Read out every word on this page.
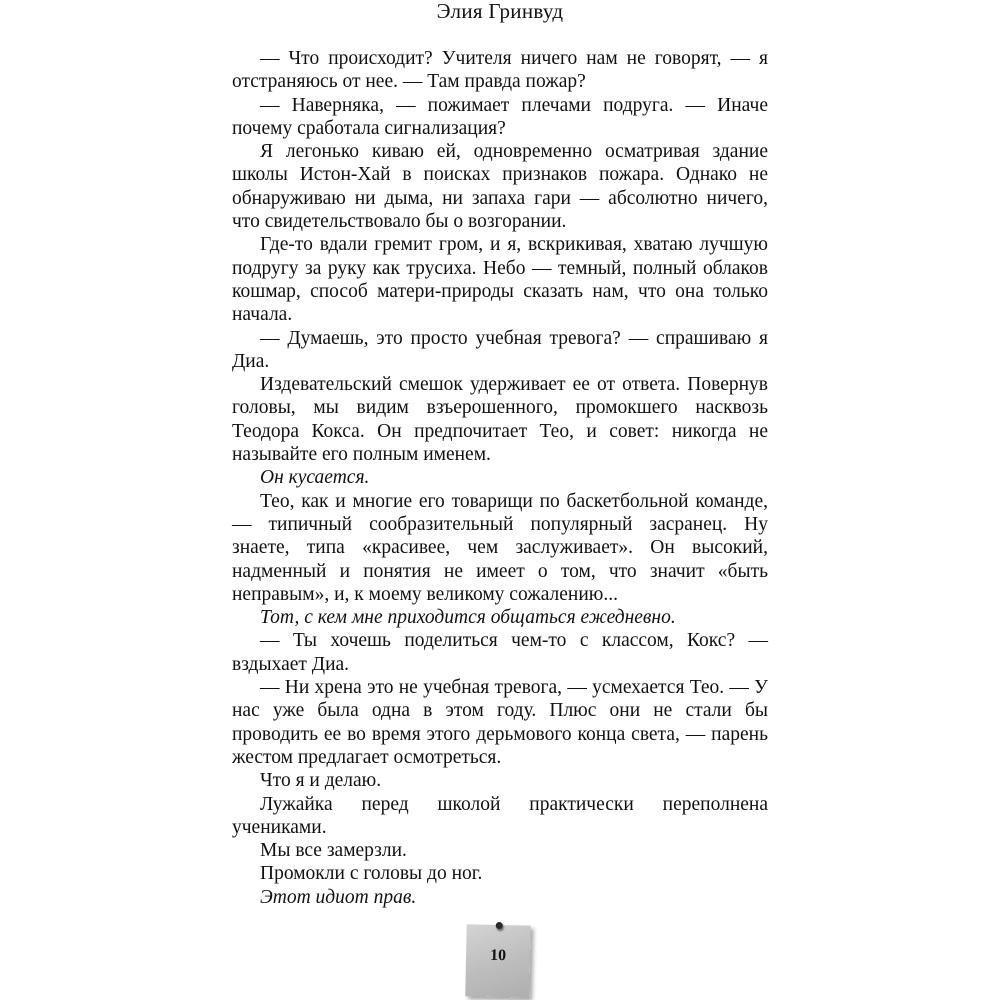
Элия Гринвуд

— Что происходит? Учителя ничего нам не говорят, — я отстраняюсь от нее. — Там правда пожар?

— Наверняка, — пожимает плечами подруга. — Иначе почему сработала сигнализация?

Я легонько киваю ей, одновременно осматривая здание школы Истон-Хай в поисках признаков пожара. Однако не обнаруживаю ни дыма, ни запаха гари — абсолютно ничего, что свидетельствовало бы о возгорании.

Где-то вдали гремит гром, и я, вскрикивая, хватаю лучшую подругу за руку как трусиха. Небо — темный, полный облаков кошмар, способ матери-природы сказать нам, что она только начала.

— Думаешь, это просто учебная тревога? — спрашиваю я Диа.

Издевательский смешок удерживает ее от ответа. Повернув головы, мы видим взъерошенного, промокшего насквозь Теодора Кокса. Он предпочитает Тео, и совет: никогда не называйте его полным именем.

Он кусается.

Тео, как и многие его товарищи по баскетбольной команде, — типичный сообразительный популярный засранец. Ну знаете, типа «красивее, чем заслуживает». Он высокий, надменный и понятия не имеет о том, что значит «быть неправым», и, к моему великому сожалению...

Тот, с кем мне приходится общаться ежедневно.

— Ты хочешь поделиться чем-то с классом, Кокс? — вздыхает Диа.

— Ни хрена это не учебная тревога, — усмехается Тео. — У нас уже была одна в этом году. Плюс они не стали бы проводить ее во время этого дерьмового конца света, — парень жестом предлагает осмотреться.

Что я и делаю.

Лужайка перед школой практически переполнена учениками.

Мы все замерзли.

Промокли с головы до ног.

Этот идиот прав.

10
